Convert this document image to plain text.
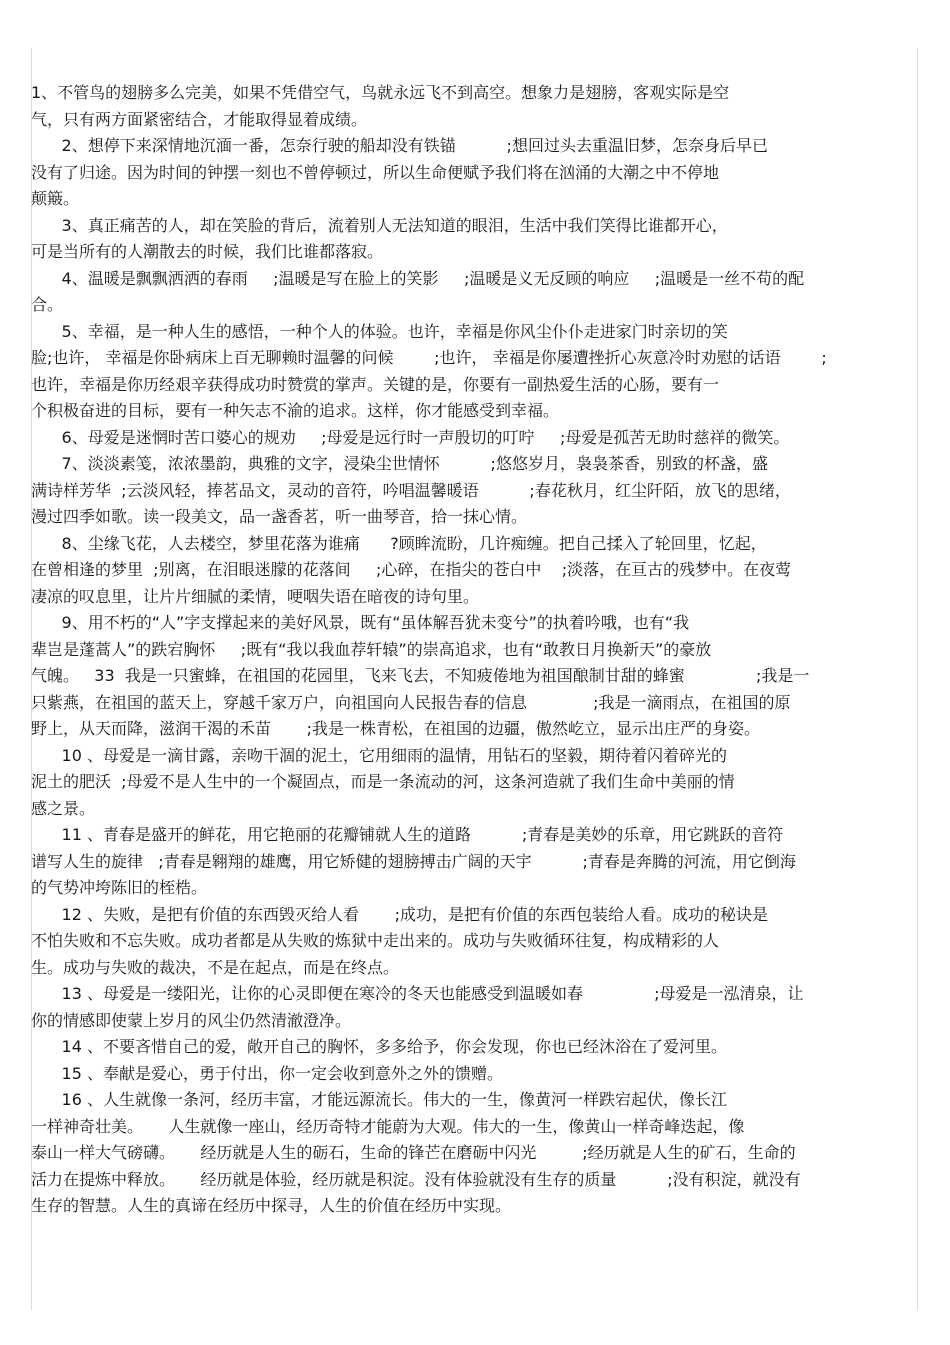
1、不管鸟的翅膀多么完美，如果不凭借空气，鸟就永远飞不到高空。想象力是翅膀，客观实际是空
气，只有两方面紧密结合，才能取得显着成绩。
2、想停下来深情地沉湎一番，怎奈行驶的船却没有铁锚          ;想回过头去重温旧梦，怎奈身后早已
没有了归途。因为时间的钟摆一刻也不曾停顿过，所以生命便赋予我们将在汹涌的大潮之中不停地
颠簸。
3、真正痛苦的人，却在笑脸的背后，流着别人无法知道的眼泪，生活中我们笑得比谁都开心，
可是当所有的人潮散去的时候，我们比谁都落寂。
4、温暖是飘飘洒洒的春雨     ;温暖是写在脸上的笑影     ;温暖是义无反顾的响应     ;温暖是一丝不苟的配
合。
5、幸福，是一种人生的感悟，一种个人的体验。也许，幸福是你风尘仆仆走进家门时亲切的笑
脸;也许， 幸福是你卧病床上百无聊赖时温馨的问候        ;也许， 幸福是你屡遭挫折心灰意冷时劝慰的话语        ;
也许，幸福是你历经艰辛获得成功时赞赏的掌声。关键的是，你要有一副热爱生活的心肠，要有一
个积极奋进的目标，要有一种矢志不渝的追求。这样，你才能感受到幸福。
6、母爱是迷惘时苦口婆心的规劝     ;母爱是远行时一声殷切的叮咛     ;母爱是孤苦无助时慈祥的微笑。
7、淡淡素笺，浓浓墨韵，典雅的文字，浸染尘世情怀          ;悠悠岁月，袅袅茶香，别致的杯盏，盛
满诗样芳华  ;云淡风轻，捧茗品文，灵动的音符，吟唱温馨暖语          ;春花秋月，红尘阡陌，放飞的思绪，
漫过四季如歌。读一段美文，品一盏香茗，听一曲琴音，拾一抹心情。
8、尘缘飞花，人去楼空，梦里花落为谁痛      ?顾眸流盼，几许痴缠。把自己揉入了轮回里，忆起，
在曾相逢的梦里  ;别离，在泪眼迷朦的花落间     ;心碎，在指尖的苍白中    ;淡落，在亘古的残梦中。在夜莺
凄凉的叹息里，让片片细腻的柔情，哽咽失语在暗夜的诗句里。
9、用不朽的“人”字支撑起来的美好风景，既有“虽体解吾犹未变兮”的执着吟哦，也有“我
辈岂是蓬蒿人”的跌宕胸怀     ;既有“我以我血荐轩辕”的崇高追求，也有“敢教日月换新天”的豪放
气魄。   33  我是一只蜜蜂，在祖国的花园里，飞来飞去，不知疲倦地为祖国酿制甘甜的蜂蜜              ;我是一
只紫燕，在祖国的蓝天上，穿越千家万户，向祖国向人民报告春的信息             ;我是一滴雨点，在祖国的原
野上，从天而降，滋润干渴的禾苗       ;我是一株青松，在祖国的边疆，傲然屹立，显示出庄严的身姿。
10 、母爱是一滴甘露，亲吻干涸的泥土，它用细雨的温情，用钻石的坚毅，期待着闪着碎光的
泥土的肥沃  ;母爱不是人生中的一个凝固点，而是一条流动的河，这条河造就了我们生命中美丽的情
感之景。
11 、青春是盛开的鲜花，用它艳丽的花瓣铺就人生的道路          ;青春是美妙的乐章，用它跳跃的音符
谱写人生的旋律   ;青春是翱翔的雄鹰，用它矫健的翅膀搏击广阔的天宇          ;青春是奔腾的河流，用它倒海
的气势冲垮陈旧的桎梏。
12 、失败，是把有价值的东西毁灭给人看       ;成功，是把有价值的东西包装给人看。成功的秘诀是
不怕失败和不忘失败。成功者都是从失败的炼狱中走出来的。成功与失败循环往复，构成精彩的人
生。成功与失败的裁决，不是在起点，而是在终点。
13 、母爱是一缕阳光，让你的心灵即便在寒冷的冬天也能感受到温暖如春              ;母爱是一泓清泉，让
你的情感即使蒙上岁月的风尘仍然清澈澄净。
14 、不要吝惜自己的爱，敞开自己的胸怀，多多给予，你会发现，你也已经沐浴在了爱河里。
15 、奉献是爱心，勇于付出，你一定会收到意外之外的馈赠。
16 、人生就像一条河，经历丰富，才能远源流长。伟大的一生，像黄河一样跌宕起伏，像长江
一样神奇壮美。     人生就像一座山，经历奇特才能蔚为大观。伟大的一生，像黄山一样奇峰迭起，像
泰山一样大气磅礴。     经历就是人生的砺石，生命的锋芒在磨砺中闪光         ;经历就是人生的矿石，生命的
活力在提炼中释放。     经历就是体验，经历就是积淀。没有体验就没有生存的质量          ;没有积淀，就没有
生存的智慧。人生的真谛在经历中探寻，人生的价值在经历中实现。
